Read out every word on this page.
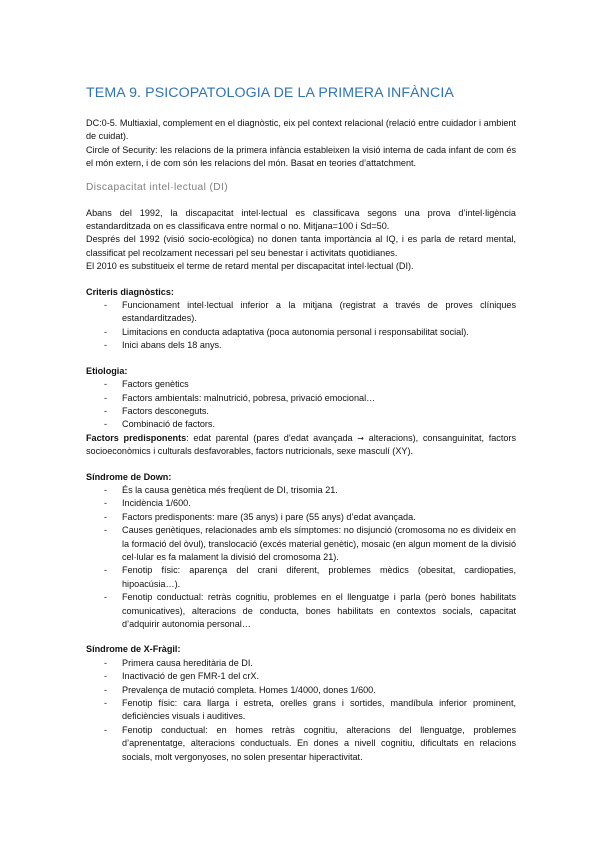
TEMA 9. PSICOPATOLOGIA DE LA PRIMERA INFÀNCIA

DC:0-5. Multiaxial, complement en el diagnòstic, eix pel context relacional (relació entre cuidador i ambient de cuidat).

Circle of Security: les relacions de la primera infància estableixen la visió interna de cada infant de com és el món extern, i de com són les relacions del món. Basat en teories d’attatchment.

Discapacitat intel·lectual (DI)

Abans del 1992, la discapacitat intel·lectual es classificava segons una prova d’intel·ligència estandarditzada on es classificava entre normal o no. Mitjana=100 i Sd=50.

Després del 1992 (visió socio-ecològica) no donen tanta importància al IQ, i es parla de retard mental, classificat pel recolzament necessari pel seu benestar i activitats quotidianes.

El 2010 es substitueix el terme de retard mental per discapacitat intel·lectual (DI).

Criteris diagnòstics:

- Funcionament intel·lectual inferior a la mitjana (registrat a través de proves clíniques estandarditzades).
- Limitacions en conducta adaptativa (poca autonomia personal i responsabilitat social).
- Inici abans dels 18 anys.

Etiologia:

- Factors genètics
- Factors ambientals: malnutrició, pobresa, privació emocional…
- Factors desconeguts.
- Combinació de factors.

Factors predisponents: edat parental (pares d’edat avançada → alteracions), consanguinitat, factors socioeconòmics i culturals desfavorables, factors nutricionals, sexe masculí (XY).

Síndrome de Down:

- És la causa genètica més freqüent de DI, trisomia 21.
- Incidència 1/600.
- Factors predisponents: mare (35 anys) i pare (55 anys) d’edat avançada.
- Causes genètiques, relacionades amb els símptomes: no disjunció (cromosoma no es divideix en la formació del òvul), translocació (excés material genètic), mosaic (en algun moment de la divisió cel·lular es fa malament la divisió del cromosoma 21).
- Fenotip físic: aparença del crani diferent, problemes mèdics (obesitat, cardiopaties, hipoacúsia…).
- Fenotip conductual: retràs cognitiu, problemes en el llenguatge i parla (però bones habilitats comunicatives), alteracions de conducta, bones habilitats en contextos socials, capacitat d’adquirir autonomia personal…

Síndrome de X-Fràgil:

- Primera causa hereditària de DI.
- Inactivació de gen FMR-1 del crX.
- Prevalença de mutació completa. Homes 1/4000, dones 1/600.
- Fenotip físic: cara llarga i estreta, orelles grans i sortides, mandíbula inferior prominent, deficiències visuals i auditives.
- Fenotip conductual: en homes retràs cognitiu, alteracions del llenguatge, problemes d’aprenentatge, alteracions conductuals. En dones a nivell cognitiu, dificultats en relacions socials, molt vergonyoses, no solen presentar hiperactivitat.
